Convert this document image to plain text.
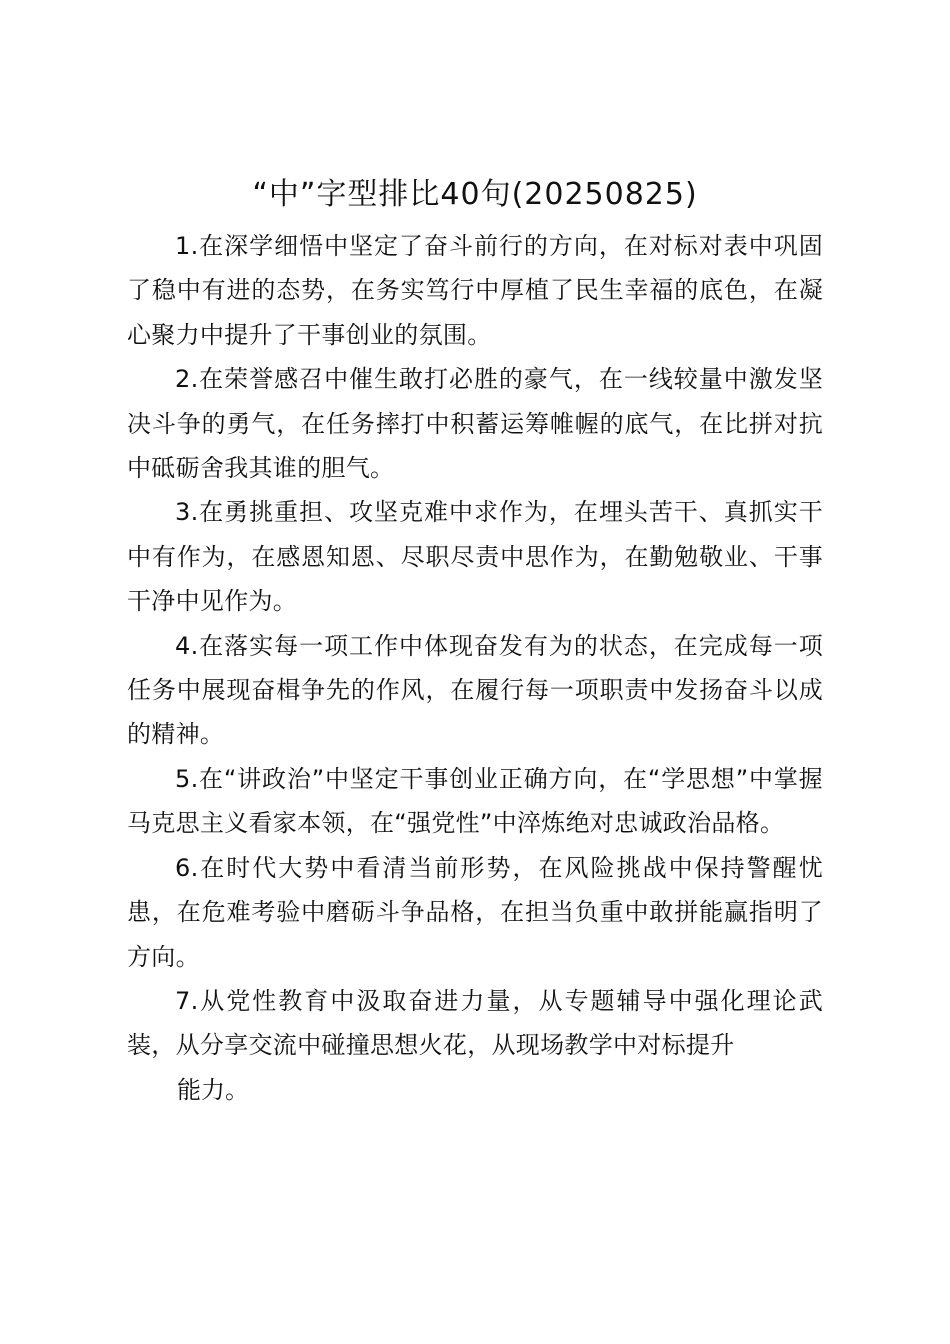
“中”字型排比40句(20250825)

1.在深学细悟中坚定了奋斗前行的方向，在对标对表中巩固了稳中有进的态势，在务实笃行中厚植了民生幸福的底色，在凝心聚力中提升了干事创业的氛围。

2.在荣誉感召中催生敢打必胜的豪气，在一线较量中激发坚决斗争的勇气，在任务摔打中积蓄运筹帷幄的底气，在比拼对抗中砥砺舍我其谁的胆气。

3.在勇挑重担、攻坚克难中求作为，在埋头苦干、真抓实干中有作为，在感恩知恩、尽职尽责中思作为，在勤勉敬业、干事干净中见作为。

4.在落实每一项工作中体现奋发有为的状态，在完成每一项任务中展现奋楫争先的作风，在履行每一项职责中发扬奋斗以成的精神。

5.在“讲政治”中坚定干事创业正确方向，在“学思想”中掌握马克思主义看家本领，在“强党性”中淬炼绝对忠诚政治品格。

6.在时代大势中看清当前形势，在风险挑战中保持警醒忧患，在危难考验中磨砺斗争品格，在担当负重中敢拼能赢指明了方向。

7.从党性教育中汲取奋进力量，从专题辅导中强化理论武装，从分享交流中碰撞思想火花，从现场教学中对标提升

能力。
